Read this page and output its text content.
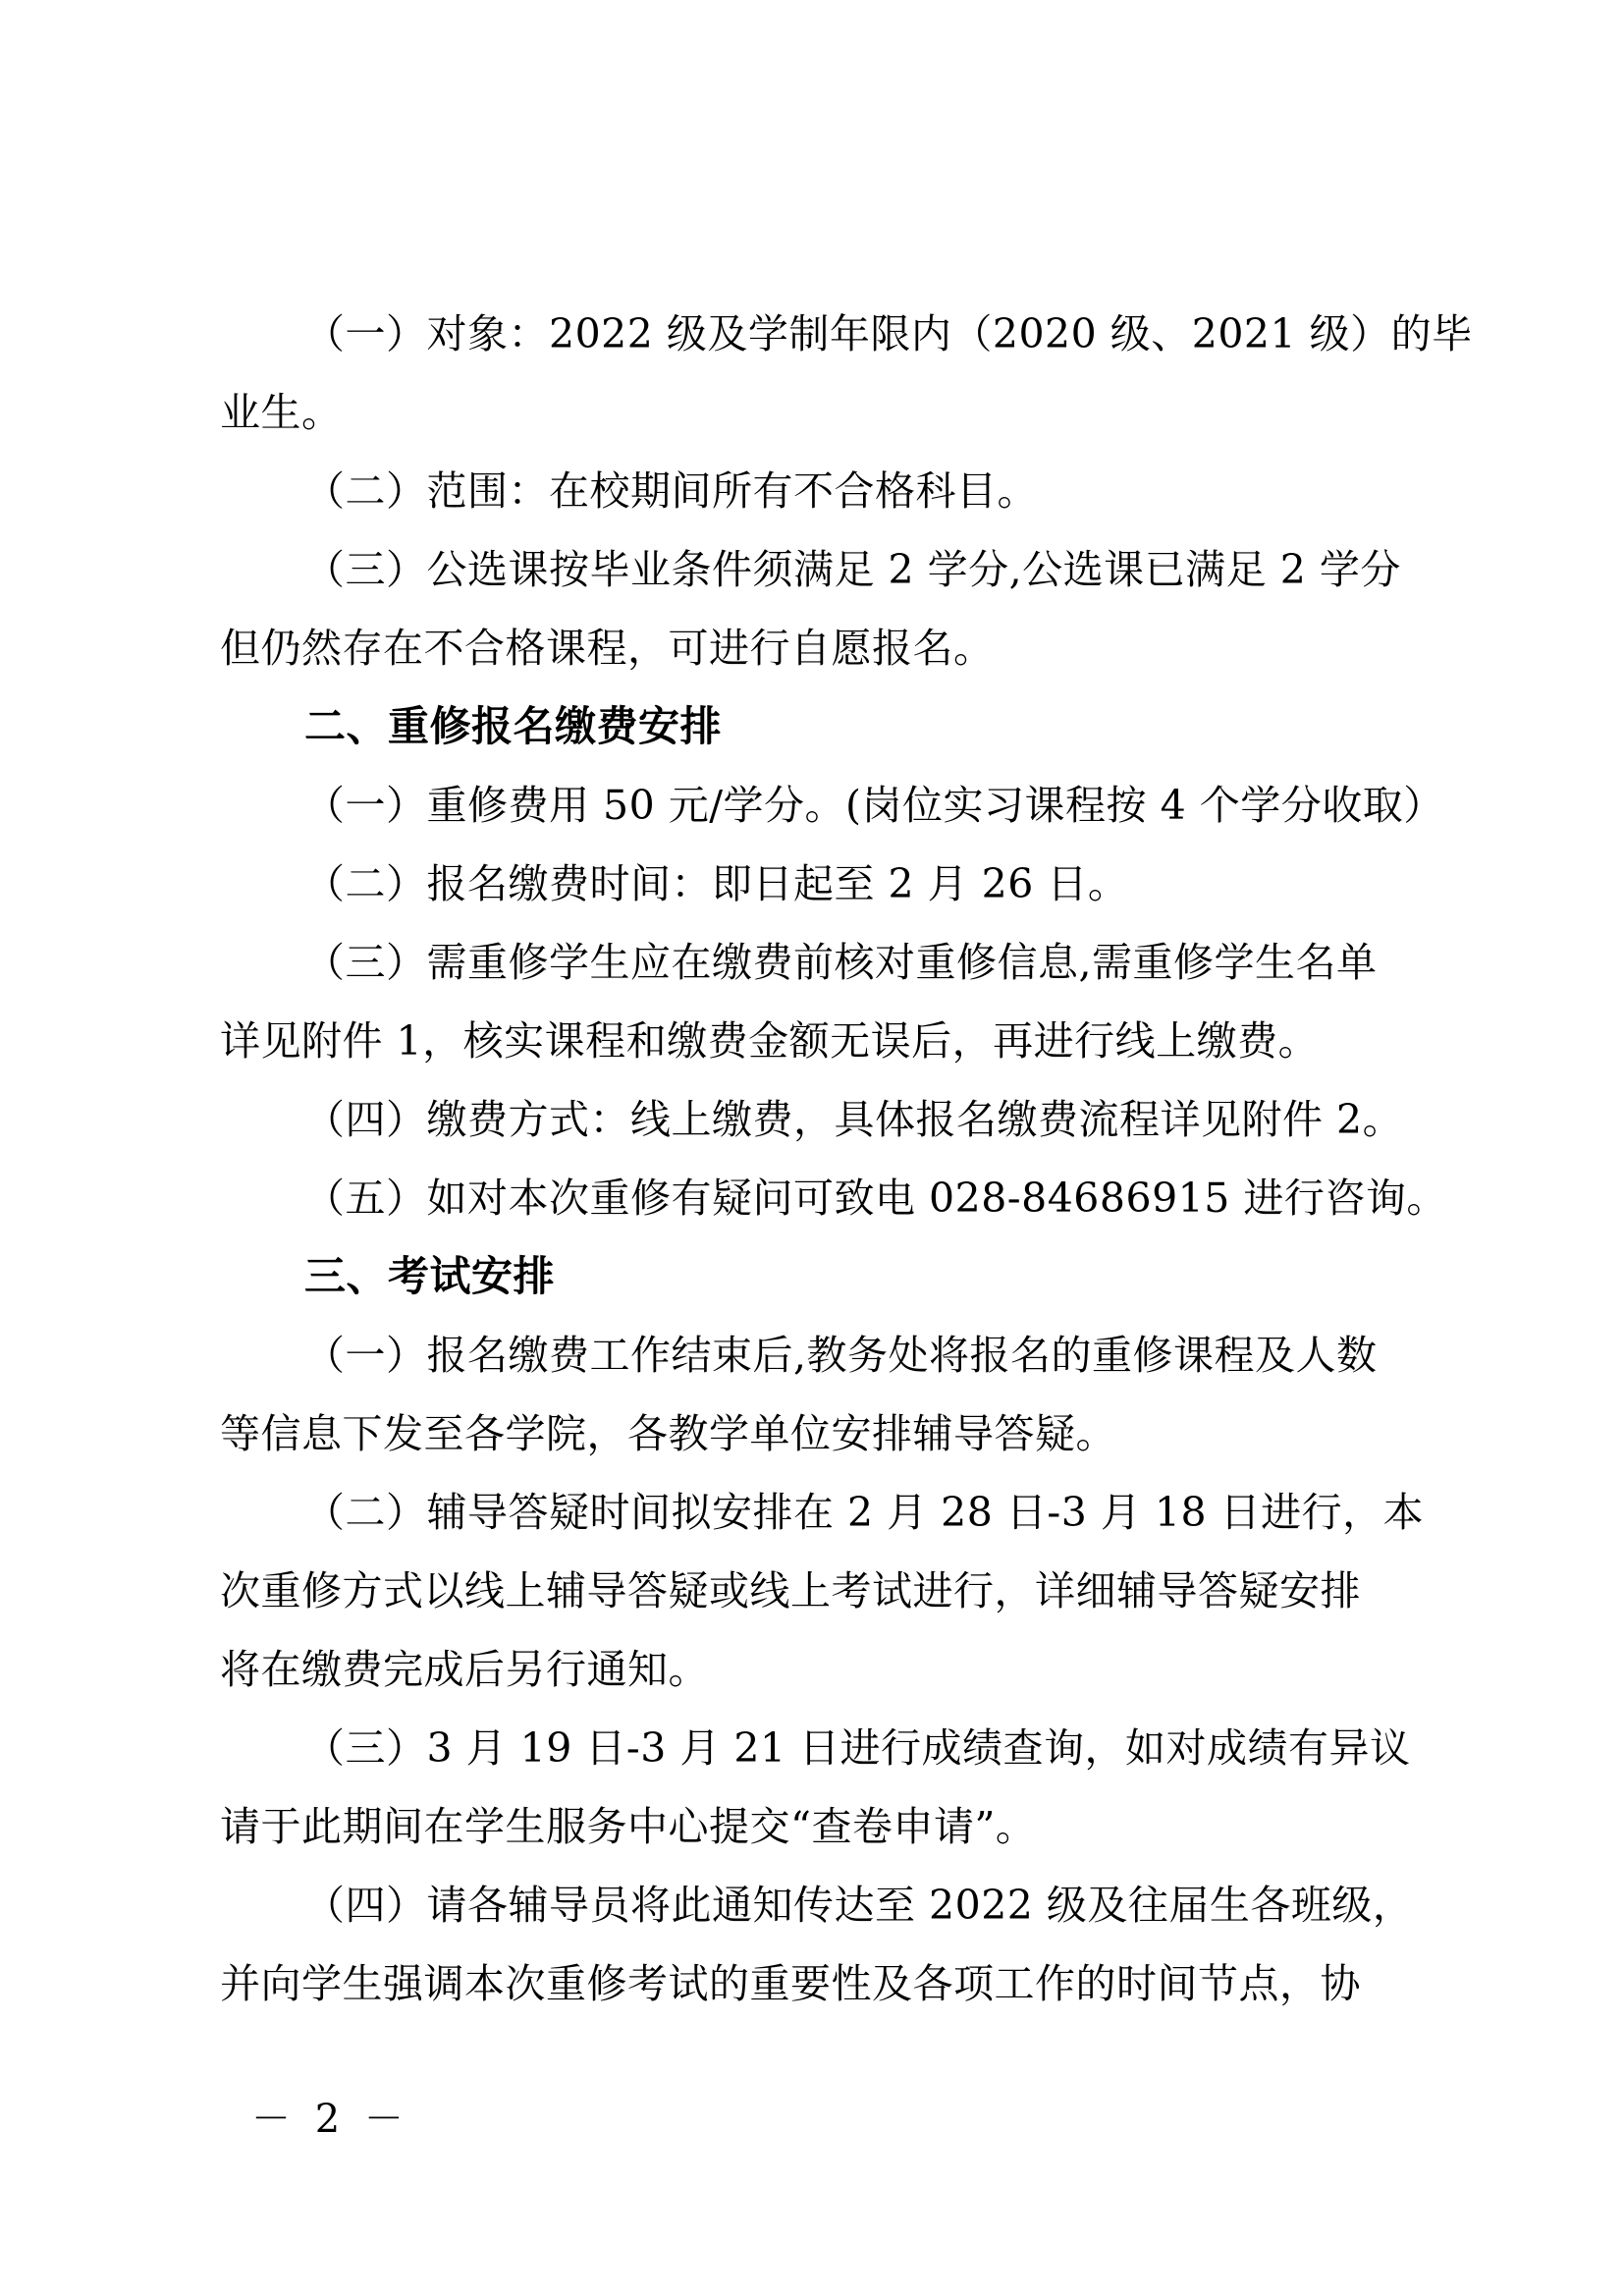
（一）对象：2022 级及学制年限内（2020 级、2021 级）的毕
业生。
（二）范围：在校期间所有不合格科目。
（三）公选课按毕业条件须满足 2 学分,公选课已满足 2 学分
但仍然存在不合格课程，可进行自愿报名。
二、重修报名缴费安排
（一）重修费用 50 元/学分。(岗位实习课程按 4 个学分收取）
（二）报名缴费时间：即日起至 2 月 26 日。
（三）需重修学生应在缴费前核对重修信息,需重修学生名单
详见附件 1，核实课程和缴费金额无误后，再进行线上缴费。
（四）缴费方式：线上缴费，具体报名缴费流程详见附件 2。
（五）如对本次重修有疑问可致电 028-84686915 进行咨询。
三、考试安排
（一）报名缴费工作结束后,教务处将报名的重修课程及人数
等信息下发至各学院，各教学单位安排辅导答疑。
（二）辅导答疑时间拟安排在 2 月 28 日-3 月 18 日进行，本
次重修方式以线上辅导答疑或线上考试进行，详细辅导答疑安排
将在缴费完成后另行通知。
（三）3 月 19 日-3 月 21 日进行成绩查询，如对成绩有异议
请于此期间在学生服务中心提交“查卷申请”。
（四）请各辅导员将此通知传达至 2022 级及往届生各班级，
并向学生强调本次重修考试的重要性及各项工作的时间节点，协
－ 2 －
